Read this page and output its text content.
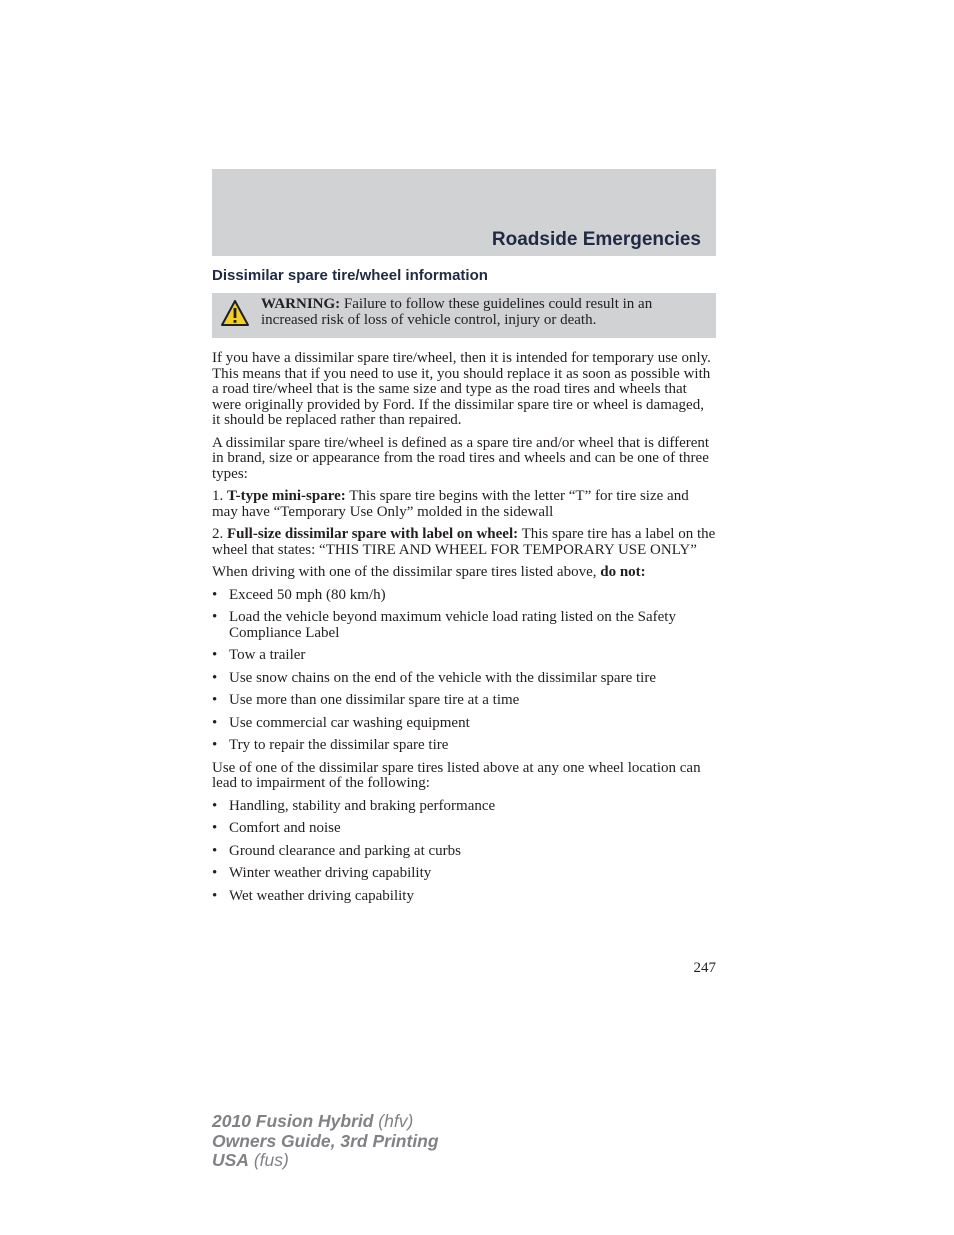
Roadside Emergencies
Dissimilar spare tire/wheel information
WARNING: Failure to follow these guidelines could result in an increased risk of loss of vehicle control, injury or death.

If you have a dissimilar spare tire/wheel, then it is intended for temporary use only. This means that if you need to use it, you should replace it as soon as possible with a road tire/wheel that is the same size and type as the road tires and wheels that were originally provided by Ford. If the dissimilar spare tire or wheel is damaged, it should be replaced rather than repaired.

A dissimilar spare tire/wheel is defined as a spare tire and/or wheel that is different in brand, size or appearance from the road tires and wheels and can be one of three types:

1. T-type mini-spare: This spare tire begins with the letter “T” for tire size and may have “Temporary Use Only” molded in the sidewall

2. Full-size dissimilar spare with label on wheel: This spare tire has a label on the wheel that states: “THIS TIRE AND WHEEL FOR TEMPORARY USE ONLY”

When driving with one of the dissimilar spare tires listed above, do not:

• Exceed 50 mph (80 km/h)
• Load the vehicle beyond maximum vehicle load rating listed on the Safety Compliance Label
• Tow a trailer
• Use snow chains on the end of the vehicle with the dissimilar spare tire
• Use more than one dissimilar spare tire at a time
• Use commercial car washing equipment
• Try to repair the dissimilar spare tire

Use of one of the dissimilar spare tires listed above at any one wheel location can lead to impairment of the following:

• Handling, stability and braking performance
• Comfort and noise
• Ground clearance and parking at curbs
• Winter weather driving capability
• Wet weather driving capability
247
2010 Fusion Hybrid (hfv)
Owners Guide, 3rd Printing
USA (fus)
